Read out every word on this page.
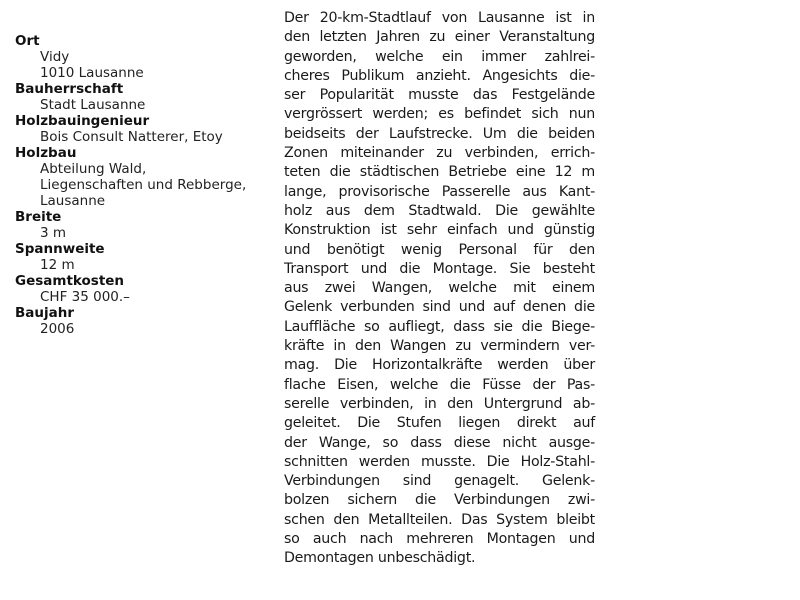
Ort
Vidy
1010 Lausanne
Bauherrschaft
Stadt Lausanne
Holzbauingenieur
Bois Consult Natterer, Etoy
Holzbau
Abteilung Wald,
Liegenschaften und Rebberge,
Lausanne
Breite
3 m
Spannweite
12 m
Gesamtkosten
CHF 35 000.–
Baujahr
2006
Der 20-km-Stadtlauf von Lausanne ist in
den letzten Jahren zu einer Veranstaltung
geworden, welche ein immer zahlrei-
cheres Publikum anzieht. Angesichts die-
ser Popularität musste das Festgelände
vergrössert werden; es befindet sich nun
beidseits der Laufstrecke. Um die beiden
Zonen miteinander zu verbinden, errich-
teten die städtischen Betriebe eine 12 m
lange, provisorische Passerelle aus Kant-
holz aus dem Stadtwald. Die gewählte
Konstruktion ist sehr einfach und günstig
und benötigt wenig Personal für den
Transport und die Montage. Sie besteht
aus zwei Wangen, welche mit einem
Gelenk verbunden sind und auf denen die
Lauffläche so aufliegt, dass sie die Biege-
kräfte in den Wangen zu vermindern ver-
mag. Die Horizontalkräfte werden über
flache Eisen, welche die Füsse der Pas-
serelle verbinden, in den Untergrund ab-
geleitet. Die Stufen liegen direkt auf
der Wange, so dass diese nicht ausge-
schnitten werden musste. Die Holz-Stahl-
Verbindungen sind genagelt. Gelenk-
bolzen sichern die Verbindungen zwi-
schen den Metallteilen. Das System bleibt
so auch nach mehreren Montagen und
Demontagen unbeschädigt.
